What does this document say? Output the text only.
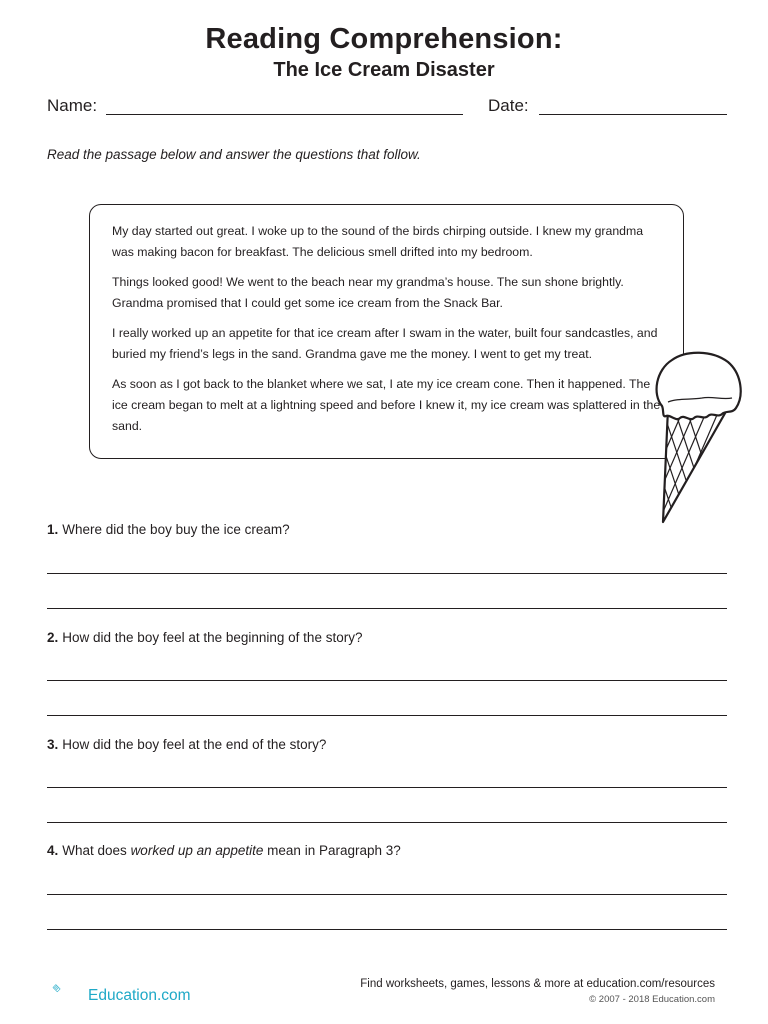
Reading Comprehension:
The Ice Cream Disaster
Name:	Date:
Read the passage below and answer the questions that follow.

My day started out great. I woke up to the sound of the birds chirping outside. I knew my grandma was making bacon for breakfast. The delicious smell drifted into my bedroom.

Things looked good! We went to the beach near my grandma’s house. The sun shone brightly. Grandma promised that I could get some ice cream from the Snack Bar.

I really worked up an appetite for that ice cream after I swam in the water, built four sandcastles, and buried my friend’s legs in the sand. Grandma gave me the money. I went to get my treat.

As soon as I got back to the blanket where we sat, I ate my ice cream cone. Then it happened. The ice cream began to melt at a lightning speed and before I knew it, my ice cream was splattered in the sand.

1. Where did the boy buy the ice cream?
2. How did the boy feel at the beginning of the story?
3. How did the boy feel at the end of the story?
4. What does worked up an appetite mean in Paragraph 3?
Education.com
Find worksheets, games, lessons & more at education.com/resources
© 2007 - 2018 Education.com
